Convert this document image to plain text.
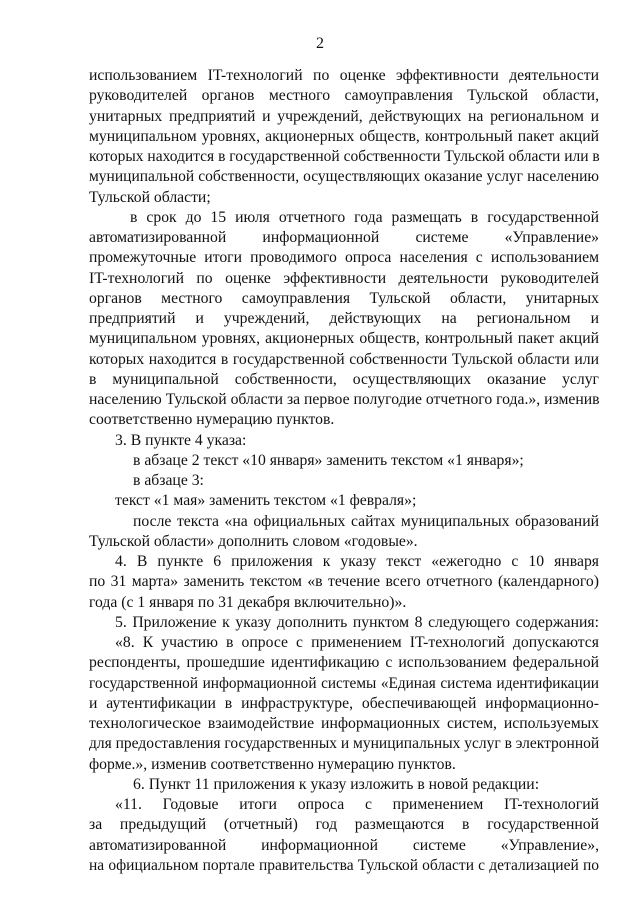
2
использованием IT-технологий по оценке эффективности деятельности
руководителей органов местного самоуправления Тульской области,
унитарных предприятий и учреждений, действующих на региональном и
муниципальном уровнях, акционерных обществ, контрольный пакет акций
которых находится в государственной собственности Тульской области или в
муниципальной собственности, осуществляющих оказание услуг населению
Тульской области;
в срок до 15 июля отчетного года размещать в государственной
автоматизированной информационной системе «Управление»
промежуточные итоги проводимого опроса населения с использованием
IT-технологий по оценке эффективности деятельности руководителей
органов местного самоуправления Тульской области, унитарных
предприятий и учреждений, действующих на региональном и
муниципальном уровнях, акционерных обществ, контрольный пакет акций
которых находится в государственной собственности Тульской области или
в муниципальной собственности, осуществляющих оказание услуг
населению Тульской области за первое полугодие отчетного года.», изменив
соответственно нумерацию пунктов.
3. В пункте 4 указа:
в абзаце 2 текст «10 января» заменить текстом «1 января»;
в абзаце 3:
текст «1 мая» заменить текстом «1 февраля»;
после текста «на официальных сайтах муниципальных образований
Тульской области» дополнить словом «годовые».
4. В пункте 6 приложения к указу текст «ежегодно с 10 января
по 31 марта» заменить текстом «в течение всего отчетного (календарного)
года (с 1 января по 31 декабря включительно)».
5. Приложение к указу дополнить пунктом 8 следующего содержания:
«8. К участию в опросе с применением IT-технологий допускаются
респонденты, прошедшие идентификацию с использованием федеральной
государственной информационной системы «Единая система идентификации
и аутентификации в инфраструктуре, обеспечивающей информационно-
технологическое взаимодействие информационных систем, используемых
для предоставления государственных и муниципальных услуг в электронной
форме.», изменив соответственно нумерацию пунктов.
6. Пункт 11 приложения к указу изложить в новой редакции:
«11. Годовые итоги опроса с применением IT-технологий
за предыдущий (отчетный) год размещаются в государственной
автоматизированной информационной системе «Управление»,
на официальном портале правительства Тульской области с детализацией по
